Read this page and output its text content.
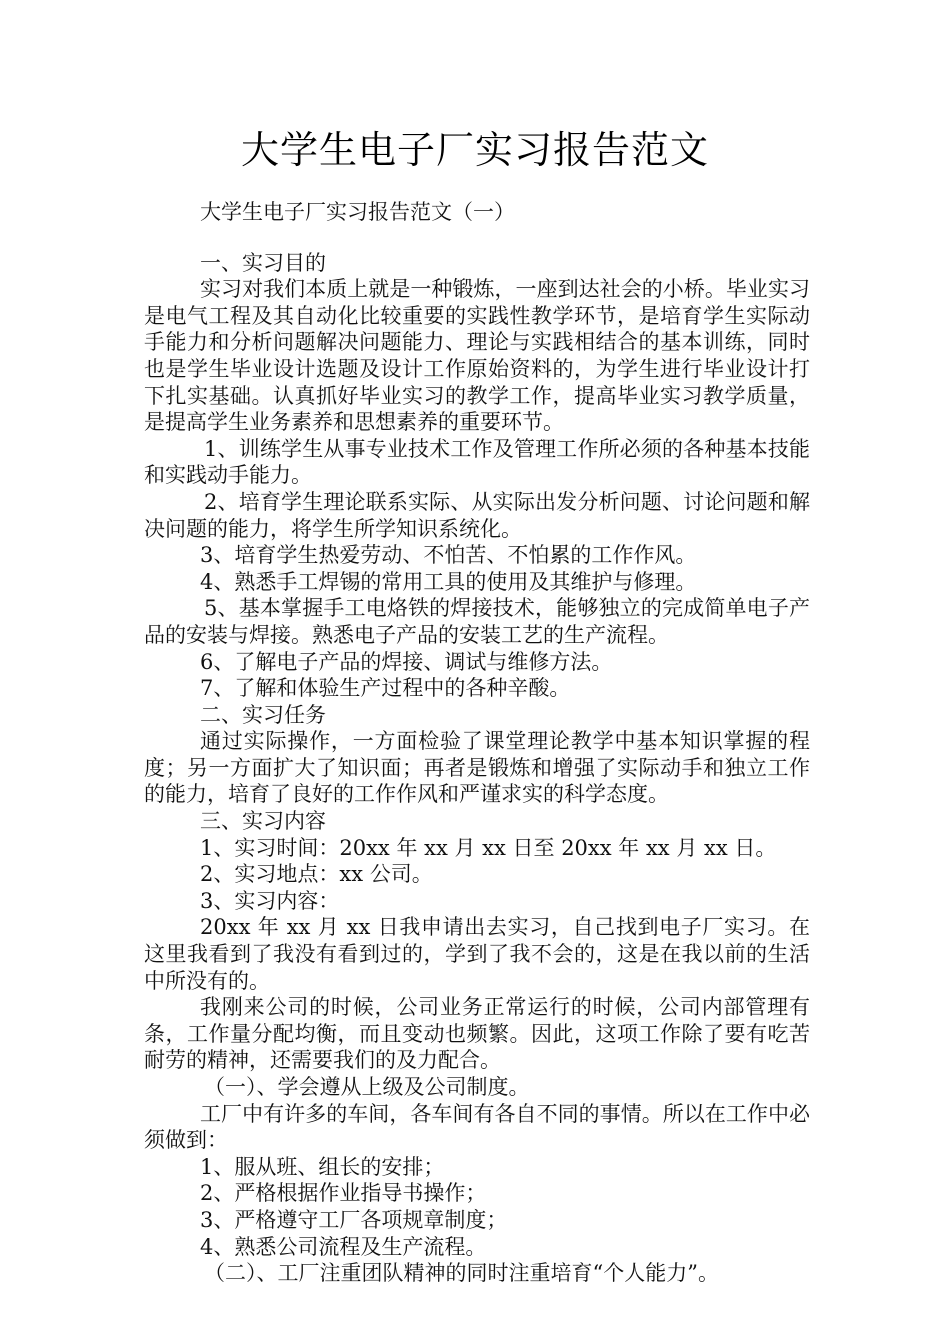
大学生电子厂实习报告范文

大学生电子厂实习报告范文（一）

一、实习目的

实习对我们本质上就是一种锻炼，一座到达社会的小桥。毕业实习是电气工程及其自动化比较重要的实践性教学环节，是培育学生实际动手能力和分析问题解决问题能力、理论与实践相结合的基本训练，同时也是学生毕业设计选题及设计工作原始资料的，为学生进行毕业设计打下扎实基础。认真抓好毕业实习的教学工作，提高毕业实习教学质量，是提高学生业务素养和思想素养的重要环节。

1、训练学生从事专业技术工作及管理工作所必须的各种基本技能和实践动手能力。

2、培育学生理论联系实际、从实际出发分析问题、讨论问题和解决问题的能力，将学生所学知识系统化。

3、培育学生热爱劳动、不怕苦、不怕累的工作作风。

4、熟悉手工焊锡的常用工具的使用及其维护与修理。

5、基本掌握手工电烙铁的焊接技术，能够独立的完成简单电子产品的安装与焊接。熟悉电子产品的安装工艺的生产流程。

6、了解电子产品的焊接、调试与维修方法。

7、了解和体验生产过程中的各种辛酸。

二、实习任务

通过实际操作，一方面检验了课堂理论教学中基本知识掌握的程度；另一方面扩大了知识面；再者是锻炼和增强了实际动手和独立工作的能力，培育了良好的工作作风和严谨求实的科学态度。

三、实习内容

1、实习时间：20xx 年 xx 月 xx 日至 20xx 年 xx 月 xx 日。

2、实习地点：xx 公司。

3、实习内容：

20xx 年 xx 月 xx 日我申请出去实习，自己找到电子厂实习。在这里我看到了我没有看到过的，学到了我不会的，这是在我以前的生活中所没有的。

我刚来公司的时候，公司业务正常运行的时候，公司内部管理有条，工作量分配均衡，而且变动也频繁。因此，这项工作除了要有吃苦耐劳的精神，还需要我们的及力配合。

（一）、学会遵从上级及公司制度。

工厂中有许多的车间，各车间有各自不同的事情。所以在工作中必须做到：

1、服从班、组长的安排；

2、严格根据作业指导书操作；

3、严格遵守工厂各项规章制度；

4、熟悉公司流程及生产流程。

（二）、工厂注重团队精神的同时注重培育“个人能力”。
